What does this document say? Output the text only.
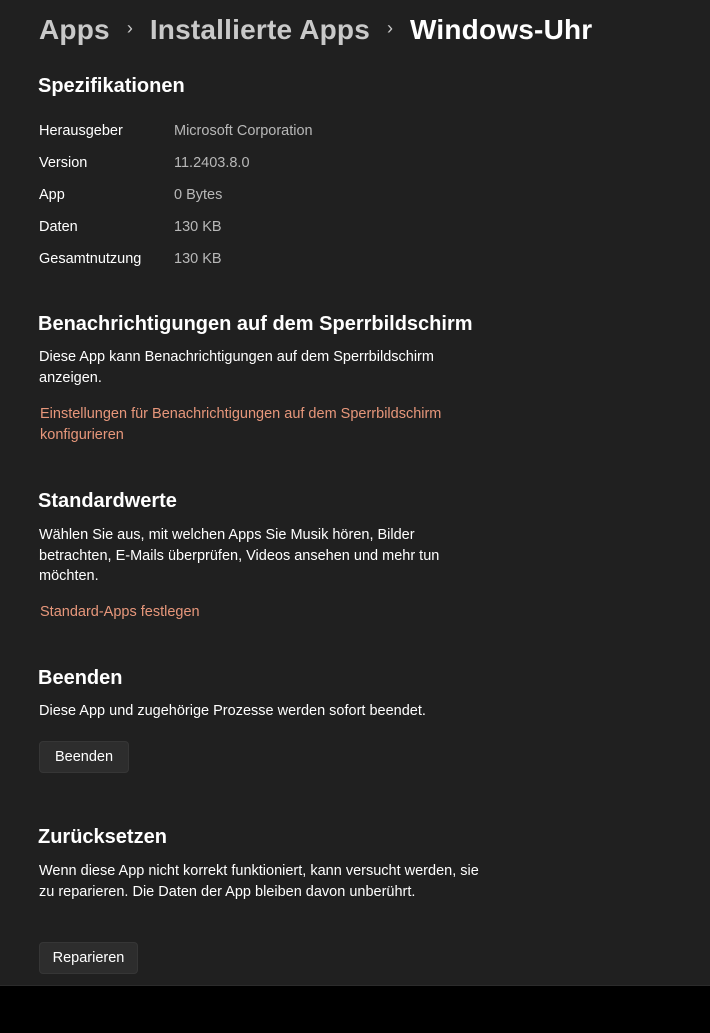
Apps › Installierte Apps › Windows-Uhr
Spezifikationen
Herausgeber	Microsoft Corporation
Version	11.2403.8.0
App	0 Bytes
Daten	130 KB
Gesamtnutzung	130 KB
Benachrichtigungen auf dem Sperrbildschirm
Diese App kann Benachrichtigungen auf dem Sperrbildschirm anzeigen.
Einstellungen für Benachrichtigungen auf dem Sperrbildschirm konfigurieren
Standardwerte
Wählen Sie aus, mit welchen Apps Sie Musik hören, Bilder betrachten, E-Mails überprüfen, Videos ansehen und mehr tun möchten.
Standard-Apps festlegen
Beenden
Diese App und zugehörige Prozesse werden sofort beendet.
Beenden
Zurücksetzen
Wenn diese App nicht korrekt funktioniert, kann versucht werden, sie zu reparieren. Die Daten der App bleiben davon unberührt.
Reparieren
